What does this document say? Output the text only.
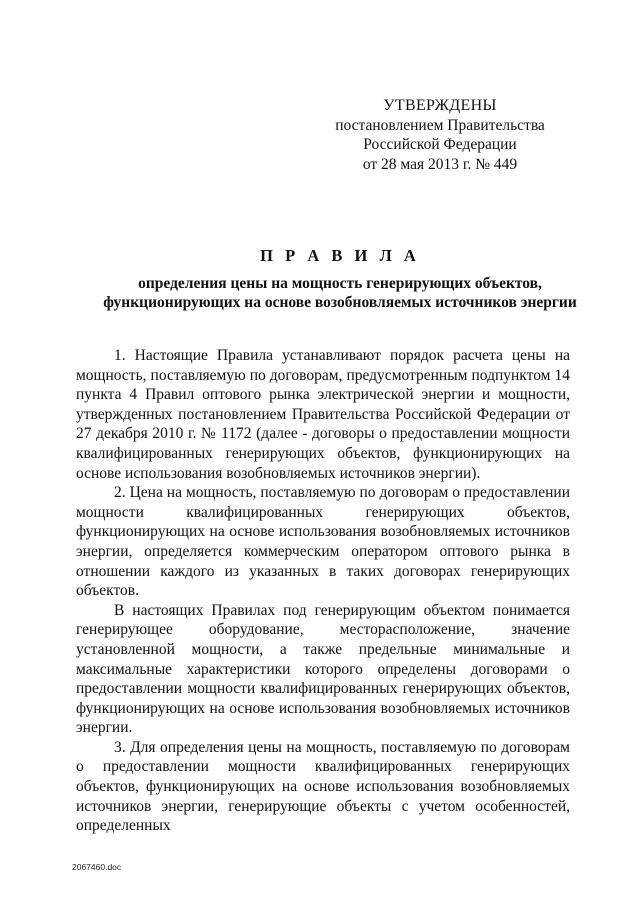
УТВЕРЖДЕНЫ
постановлением Правительства
Российской Федерации
от 28 мая 2013 г. № 449
П Р А В И Л А
определения цены на мощность генерирующих объектов,
функционирующих на основе возобновляемых источников энергии

1. Настоящие Правила устанавливают порядок расчета цены на мощность, поставляемую по договорам, предусмотренным подпунктом 14 пункта 4 Правил оптового рынка электрической энергии и мощности, утвержденных постановлением Правительства Российской Федерации от 27 декабря 2010 г. № 1172 (далее - договоры о предоставлении мощности квалифицированных генерирующих объектов, функционирующих на основе использования возобновляемых источников энергии).

2. Цена на мощность, поставляемую по договорам о предоставлении мощности квалифицированных генерирующих объектов, функционирующих на основе использования возобновляемых источников энергии, определяется коммерческим оператором оптового рынка в отношении каждого из указанных в таких договорах генерирующих объектов.

В настоящих Правилах под генерирующим объектом понимается генерирующее оборудование, месторасположение, значение установленной мощности, а также предельные минимальные и максимальные характеристики которого определены договорами о предоставлении мощности квалифицированных генерирующих объектов, функционирующих на основе использования возобновляемых источников энергии.

3. Для определения цены на мощность, поставляемую по договорам о предоставлении мощности квалифицированных генерирующих объектов, функционирующих на основе использования возобновляемых источников энергии, генерирующие объекты с учетом особенностей, определенных

2067460.doc
